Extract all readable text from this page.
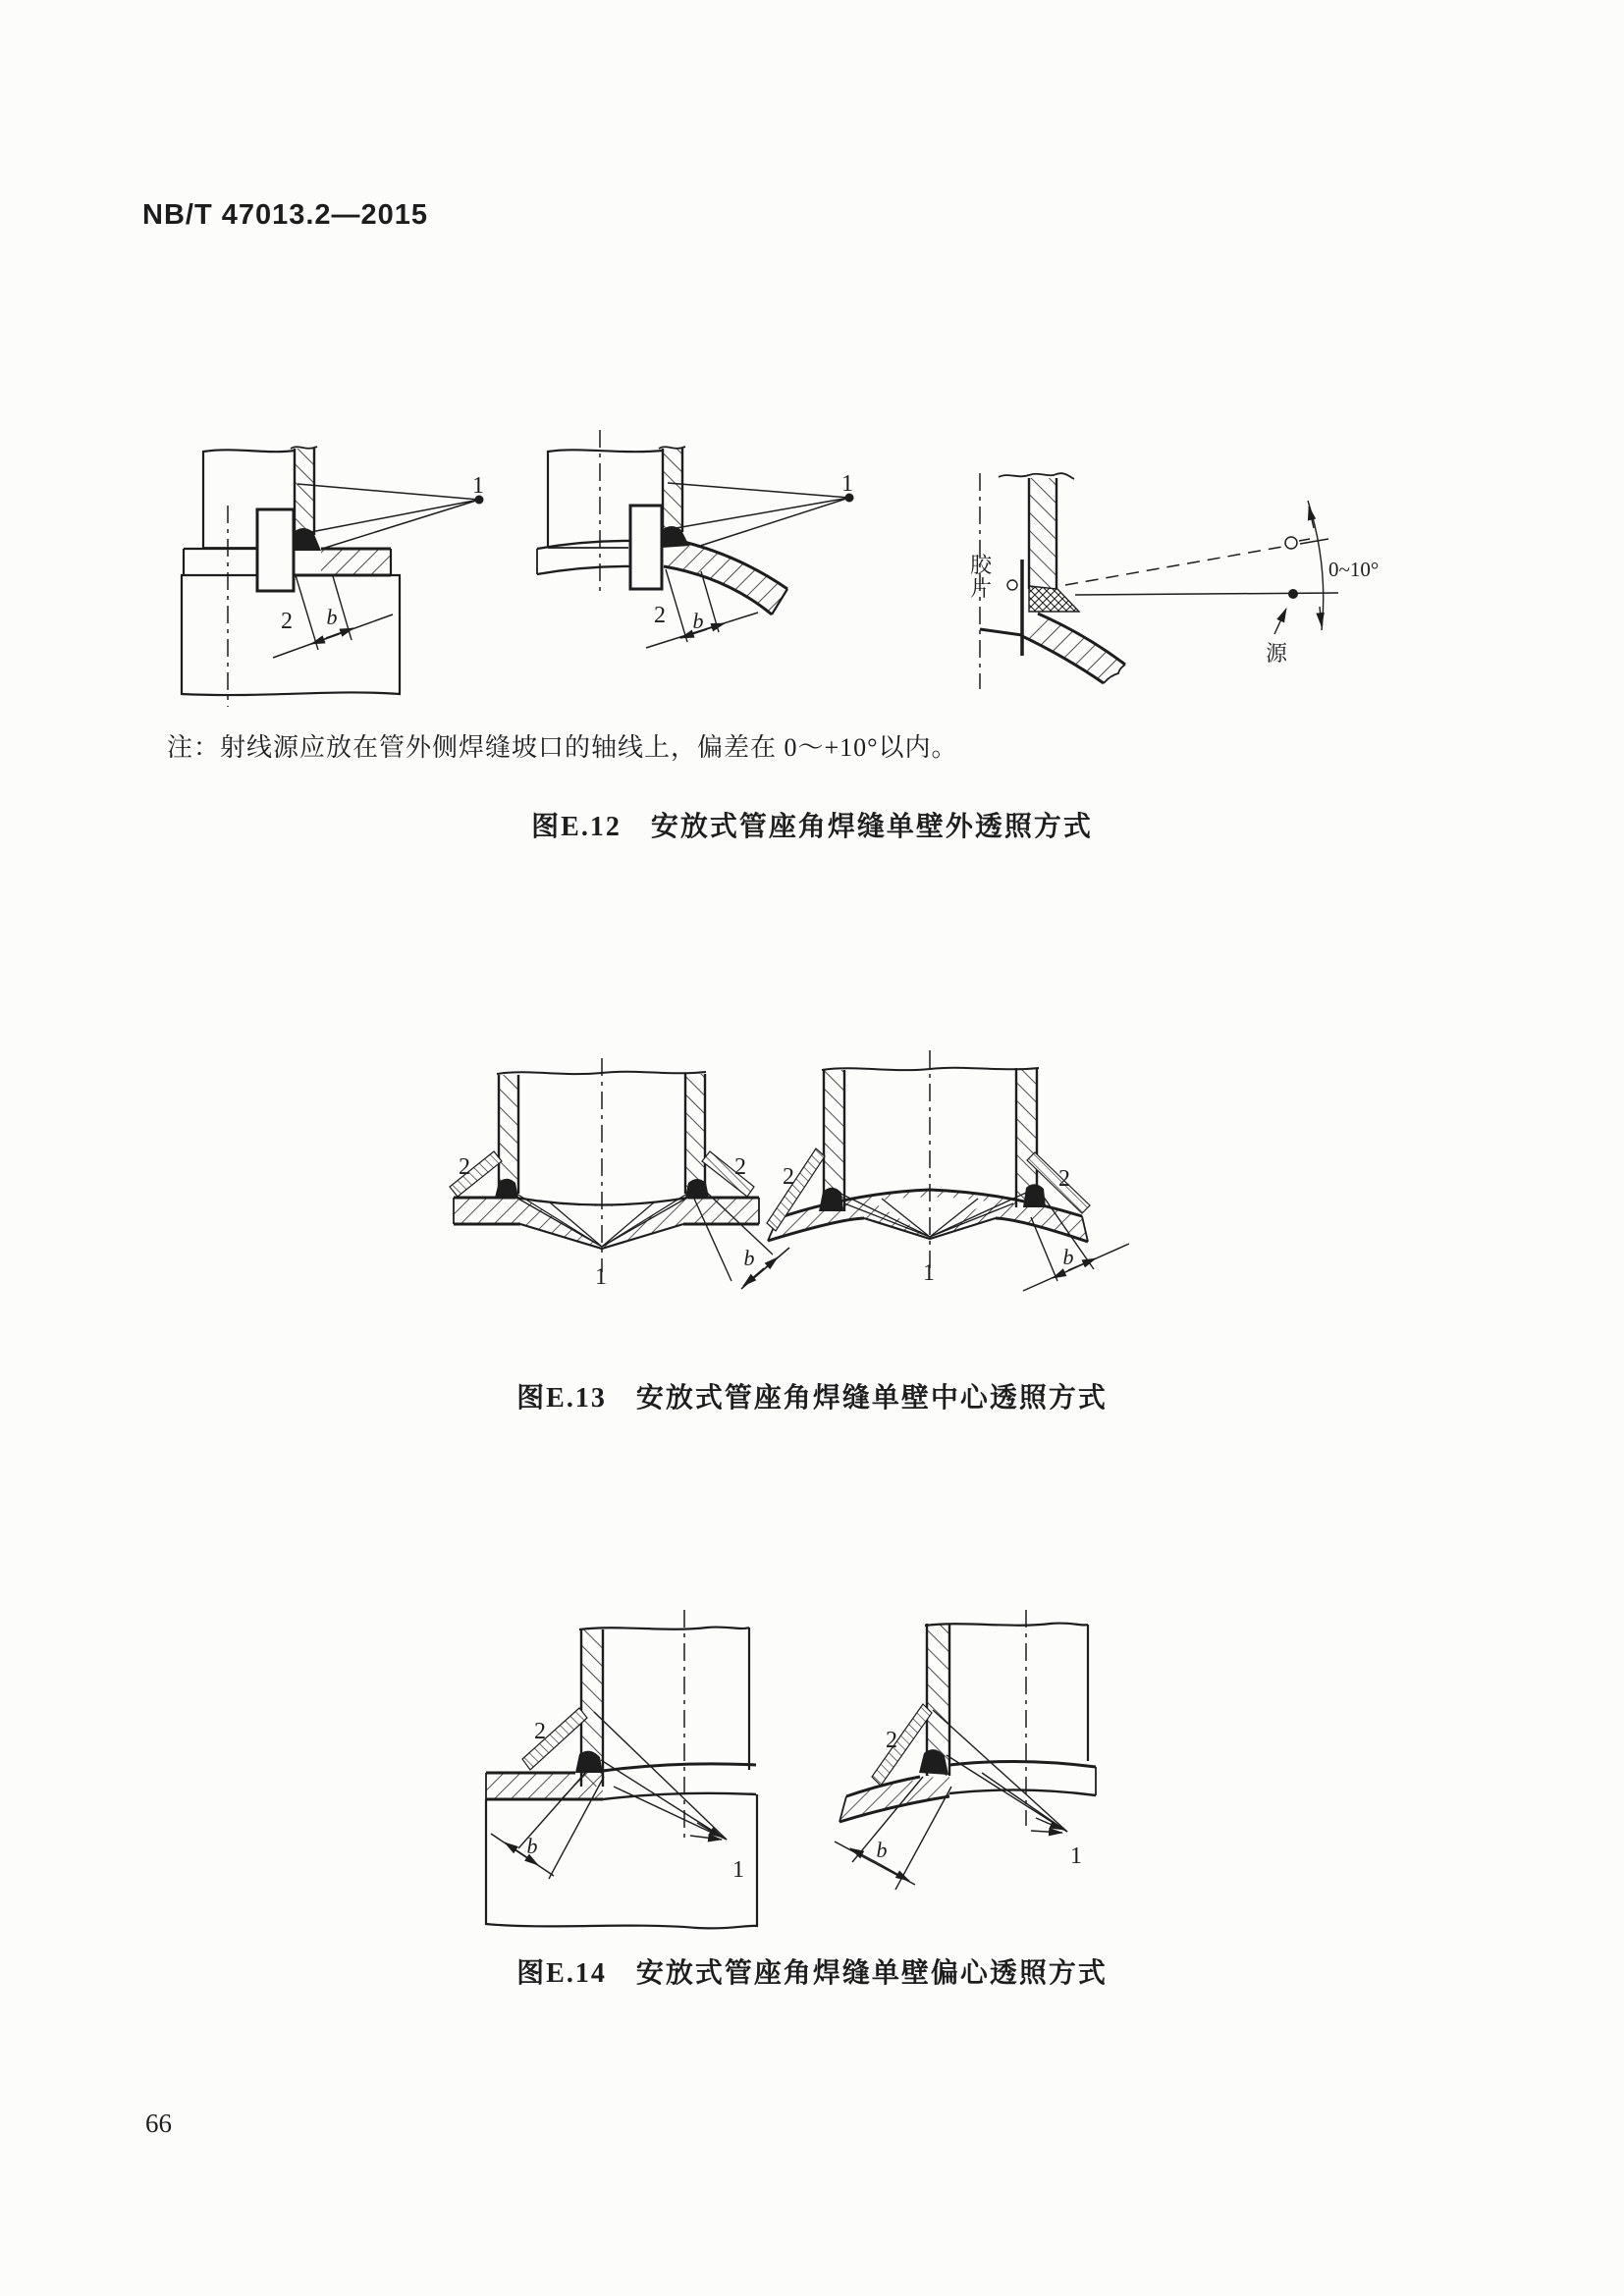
NB/T 47013.2—2015
1
2 b
1
2 b
胶
片
0~10°
源
注：射线源应放在管外侧焊缝坡口的轴线上，偏差在 0～+10°以内。
图E.12　安放式管座角焊缝单壁外透照方式
2	2
1
b
2	2
1
b
图E.13　安放式管座角焊缝单壁中心透照方式
2
1
b
2
1
b
图E.14　安放式管座角焊缝单壁偏心透照方式
66
